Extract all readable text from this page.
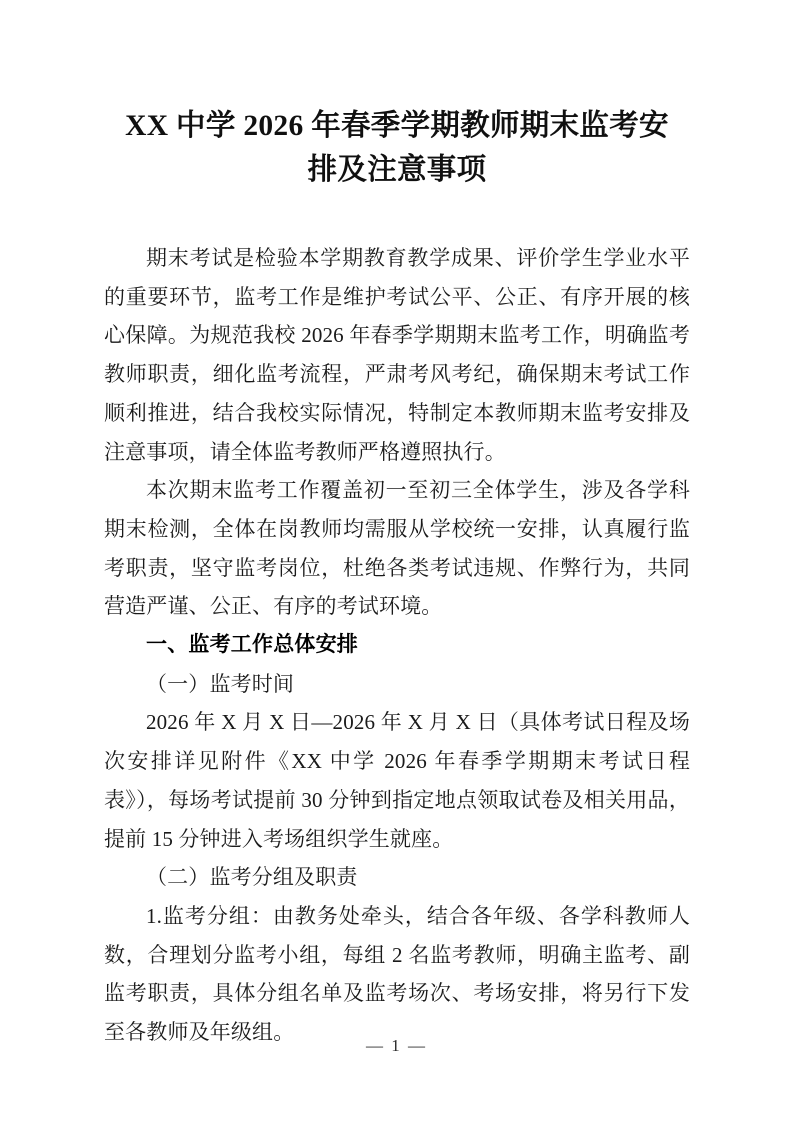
XX 中学 2026 年春季学期教师期末监考安
排及注意事项

期末考试是检验本学期教育教学成果、评价学生学业水平的重要环节，监考工作是维护考试公平、公正、有序开展的核心保障。为规范我校 2026 年春季学期期末监考工作，明确监考教师职责，细化监考流程，严肃考风考纪，确保期末考试工作顺利推进，结合我校实际情况，特制定本教师期末监考安排及注意事项，请全体监考教师严格遵照执行。

本次期末监考工作覆盖初一至初三全体学生，涉及各学科期末检测，全体在岗教师均需服从学校统一安排，认真履行监考职责，坚守监考岗位，杜绝各类考试违规、作弊行为，共同营造严谨、公正、有序的考试环境。

一、监考工作总体安排

（一）监考时间

2026 年 X 月 X 日—2026 年 X 月 X 日（具体考试日程及场次安排详见附件《XX 中学 2026 年春季学期期末考试日程表》），每场考试提前 30 分钟到指定地点领取试卷及相关用品，提前 15 分钟进入考场组织学生就座。

（二）监考分组及职责

1.监考分组：由教务处牵头，结合各年级、各学科教师人数，合理划分监考小组，每组 2 名监考教师，明确主监考、副监考职责，具体分组名单及监考场次、考场安排，将另行下发至各教师及年级组。

— 1 —
